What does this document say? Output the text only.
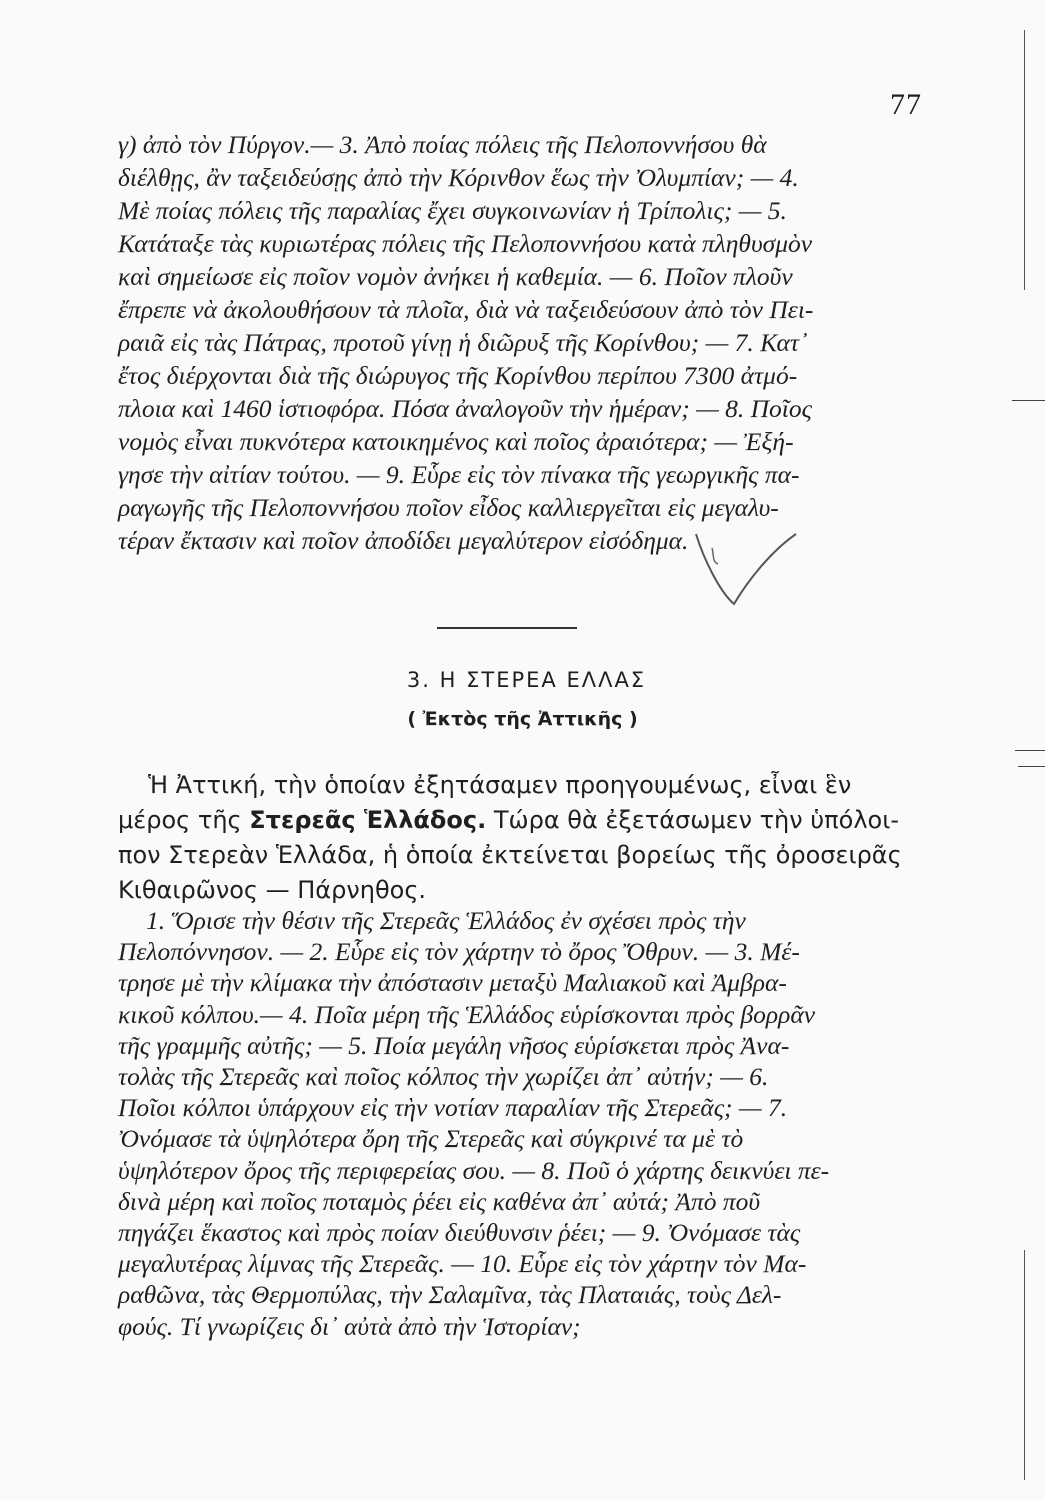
77

γ) ἀπὸ τὸν Πύργον.— 3. Ἀπὸ ποίας πόλεις τῆς Πελοποννήσου θὰ

διέλθῃς, ἂν ταξειδεύσῃς ἀπὸ τὴν Κόρινθον ἕως τὴν Ὀλυμπίαν; — 4.

Μὲ ποίας πόλεις τῆς παραλίας ἔχει συγκοινωνίαν ἡ Τρίπολις; — 5.

Κατάταξε τὰς κυριωτέρας πόλεις τῆς Πελοποννήσου κατὰ πληθυσμὸν

καὶ σημείωσε εἰς ποῖον νομὸν ἀνήκει ἡ καθεμία. — 6. Ποῖον πλοῦν

ἔπρεπε νὰ ἀκολουθήσουν τὰ πλοῖα, διὰ νὰ ταξειδεύσουν ἀπὸ τὸν Πει-

ραιᾶ εἰς τὰς Πάτρας, προτοῦ γίνῃ ἡ διῶρυξ τῆς Κορίνθου; — 7. Κατ᾽

ἔτος διέρχονται διὰ τῆς διώρυγος τῆς Κορίνθου περίπου 7300 ἀτμό-

πλοια καὶ 1460 ἱστιοφόρα. Πόσα ἀναλογοῦν τὴν ἡμέραν; — 8. Ποῖος

νομὸς εἶναι πυκνότερα κατοικημένος καὶ ποῖος ἀραιότερα; — Ἐξή-

γησε τὴν αἰτίαν τούτου. — 9. Εὗρε εἰς τὸν πίνακα τῆς γεωργικῆς πα-

ραγωγῆς τῆς Πελοποννήσου ποῖον εἶδος καλλιεργεῖται εἰς μεγαλυ-

τέραν ἔκτασιν καὶ ποῖον ἀποδίδει μεγαλύτερον εἰσόδημα.

3. Η ΣΤΕΡΕΑ ΕΛΛΑΣ
( Ἐκτὸς τῆς Ἀττικῆς )

Ἡ Ἀττική, τὴν ὁποίαν ἐξητάσαμεν προηγουμένως, εἶναι ἓν

μέρος τῆς Στερεᾶς Ἑλλάδος. Τώρα θὰ ἐξετάσωμεν τὴν ὑπόλοι-

πον Στερεὰν Ἑλλάδα, ἡ ὁποία ἐκτείνεται βορείως τῆς ὀροσειρᾶς

Κιθαιρῶνος — Πάρνηθος.

1. Ὅρισε τὴν θέσιν τῆς Στερεᾶς Ἑλλάδος ἐν σχέσει πρὸς τὴν

Πελοπόννησον. — 2. Εὗρε εἰς τὸν χάρτην τὸ ὄρος Ὄθρυν. — 3. Μέ-

τρησε μὲ τὴν κλίμακα τὴν ἀπόστασιν μεταξὺ Μαλιακοῦ καὶ Ἀμβρα-

κικοῦ κόλπου.— 4. Ποῖα μέρη τῆς Ἑλλάδος εὑρίσκονται πρὸς βορρᾶν

τῆς γραμμῆς αὐτῆς; — 5. Ποία μεγάλη νῆσος εὑρίσκεται πρὸς Ἀνα-

τολὰς τῆς Στερεᾶς καὶ ποῖος κόλπος τὴν χωρίζει ἀπ᾽ αὐτήν; — 6.

Ποῖοι κόλποι ὑπάρχουν εἰς τὴν νοτίαν παραλίαν τῆς Στερεᾶς; — 7.

Ὀνόμασε τὰ ὑψηλότερα ὄρη τῆς Στερεᾶς καὶ σύγκρινέ τα μὲ τὸ

ὑψηλότερον ὄρος τῆς περιφερείας σου. — 8. Ποῦ ὁ χάρτης δεικνύει πε-

δινà μέρη καὶ ποῖος ποταμὸς ῥέει εἰς καθένα ἀπ᾽ αὐτά; Ἀπὸ ποῦ

πηγάζει ἕκαστος καὶ πρὸς ποίαν διεύθυνσιν ῥέει; — 9. Ὀνόμασε τὰς

μεγαλυτέρας λίμνας τῆς Στερεᾶς. — 10. Εὗρε εἰς τὸν χάρτην τὸν Μα-

ραθῶνα, τὰς Θερμοπύλας, τὴν Σαλαμῖνα, τὰς Πλαταιάς, τοὺς Δελ-

φούς. Τί γνωρίζεις δι᾽ αὐτὰ ἀπὸ τὴν Ἱστορίαν;
